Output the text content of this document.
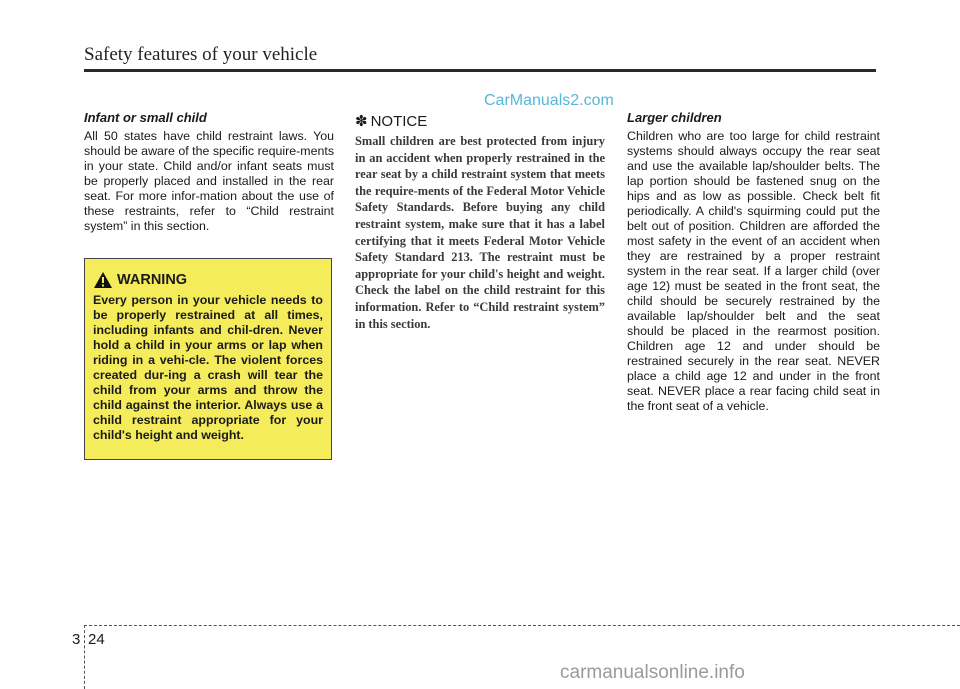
Safety features of your vehicle
CarManuals2.com
Infant or small child

All 50 states have child restraint laws. You should be aware of the specific require-ments in your state. Child and/or infant seats must be properly placed and installed in the rear seat. For more infor-mation about the use of these restraints, refer to “Child restraint system” in this section.

WARNING

Every person in your vehicle needs to be properly restrained at all times, including infants and chil-dren. Never hold a child in your arms or lap when riding in a vehi-cle. The violent forces created dur-ing a crash will tear the child from your arms and throw the child against the interior. Always use a child restraint appropriate for your child's height and weight.

✽ NOTICE

Small children are best protected from injury in an accident when properly restrained in the rear seat by a child restraint system that meets the require-ments of the Federal Motor Vehicle Safety Standards. Before buying any child restraint system, make sure that it has a label certifying that it meets Federal Motor Vehicle Safety Standard 213. The restraint must be appropriate for your child's height and weight. Check the label on the child restraint for this information. Refer to “Child restraint system” in this section.

Larger children

Children who are too large for child restraint systems should always occupy the rear seat and use the available lap/shoulder belts. The lap portion should be fastened snug on the hips and as low as possible. Check belt fit periodically. A child's squirming could put the belt out of position. Children are afforded the most safety in the event of an accident when they are restrained by a proper restraint system in the rear seat. If a larger child (over age 12) must be seated in the front seat, the child should be securely restrained by the available lap/shoulder belt and the seat should be placed in the rearmost position. Children age 12 and under should be restrained securely in the rear seat. NEVER place a child age 12 and under in the front seat. NEVER place a rear facing child seat in the front seat of a vehicle.

3 24
carmanualsonline.info
